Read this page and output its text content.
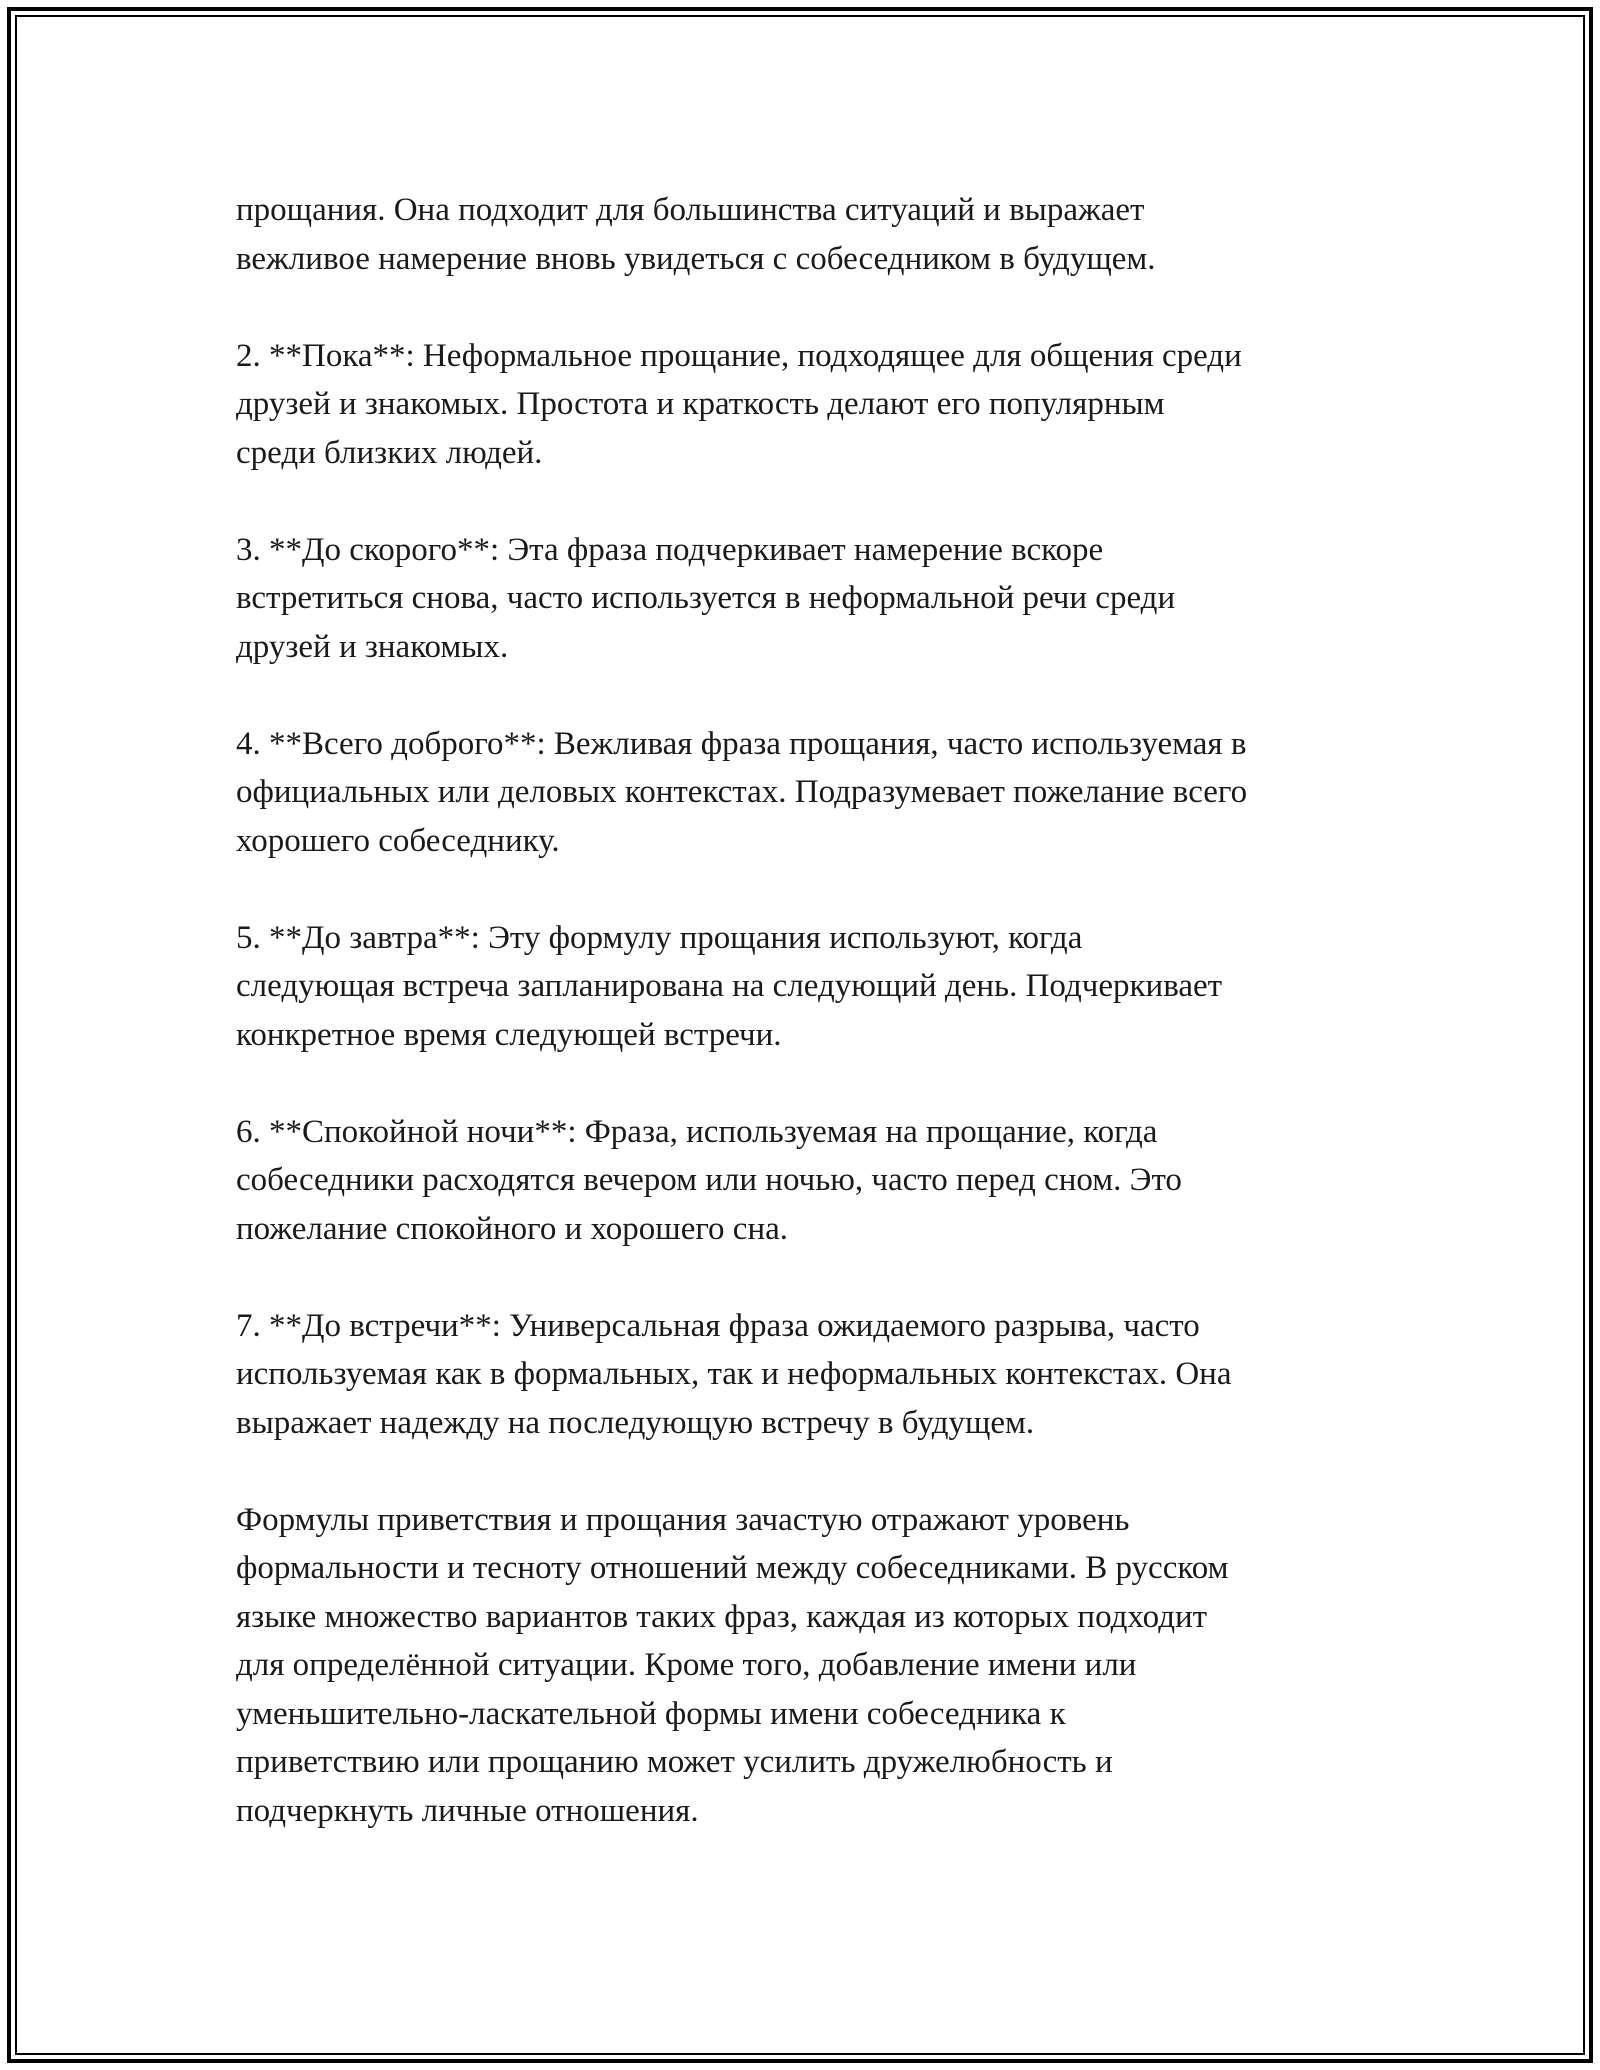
прощания. Она подходит для большинства ситуаций и выражает
вежливое намерение вновь увидеться с собеседником в будущем.

2. **Пока**: Неформальное прощание, подходящее для общения среди
друзей и знакомых. Простота и краткость делают его популярным
среди близких людей.

3. **До скорого**: Эта фраза подчеркивает намерение вскоре
встретиться снова, часто используется в неформальной речи среди
друзей и знакомых.

4. **Всего доброго**: Вежливая фраза прощания, часто используемая в
официальных или деловых контекстах. Подразумевает пожелание всего
хорошего собеседнику.

5. **До завтра**: Эту формулу прощания используют, когда
следующая встреча запланирована на следующий день. Подчеркивает
конкретное время следующей встречи.

6. **Спокойной ночи**: Фраза, используемая на прощание, когда
собеседники расходятся вечером или ночью, часто перед сном. Это
пожелание спокойного и хорошего сна.

7. **До встречи**: Универсальная фраза ожидаемого разрыва, часто
используемая как в формальных, так и неформальных контекстах. Она
выражает надежду на последующую встречу в будущем.

Формулы приветствия и прощания зачастую отражают уровень
формальности и тесноту отношений между собеседниками. В русском
языке множество вариантов таких фраз, каждая из которых подходит
для определённой ситуации. Кроме того, добавление имени или
уменьшительно-ласкательной формы имени собеседника к
приветствию или прощанию может усилить дружелюбность и
подчеркнуть личные отношения.
